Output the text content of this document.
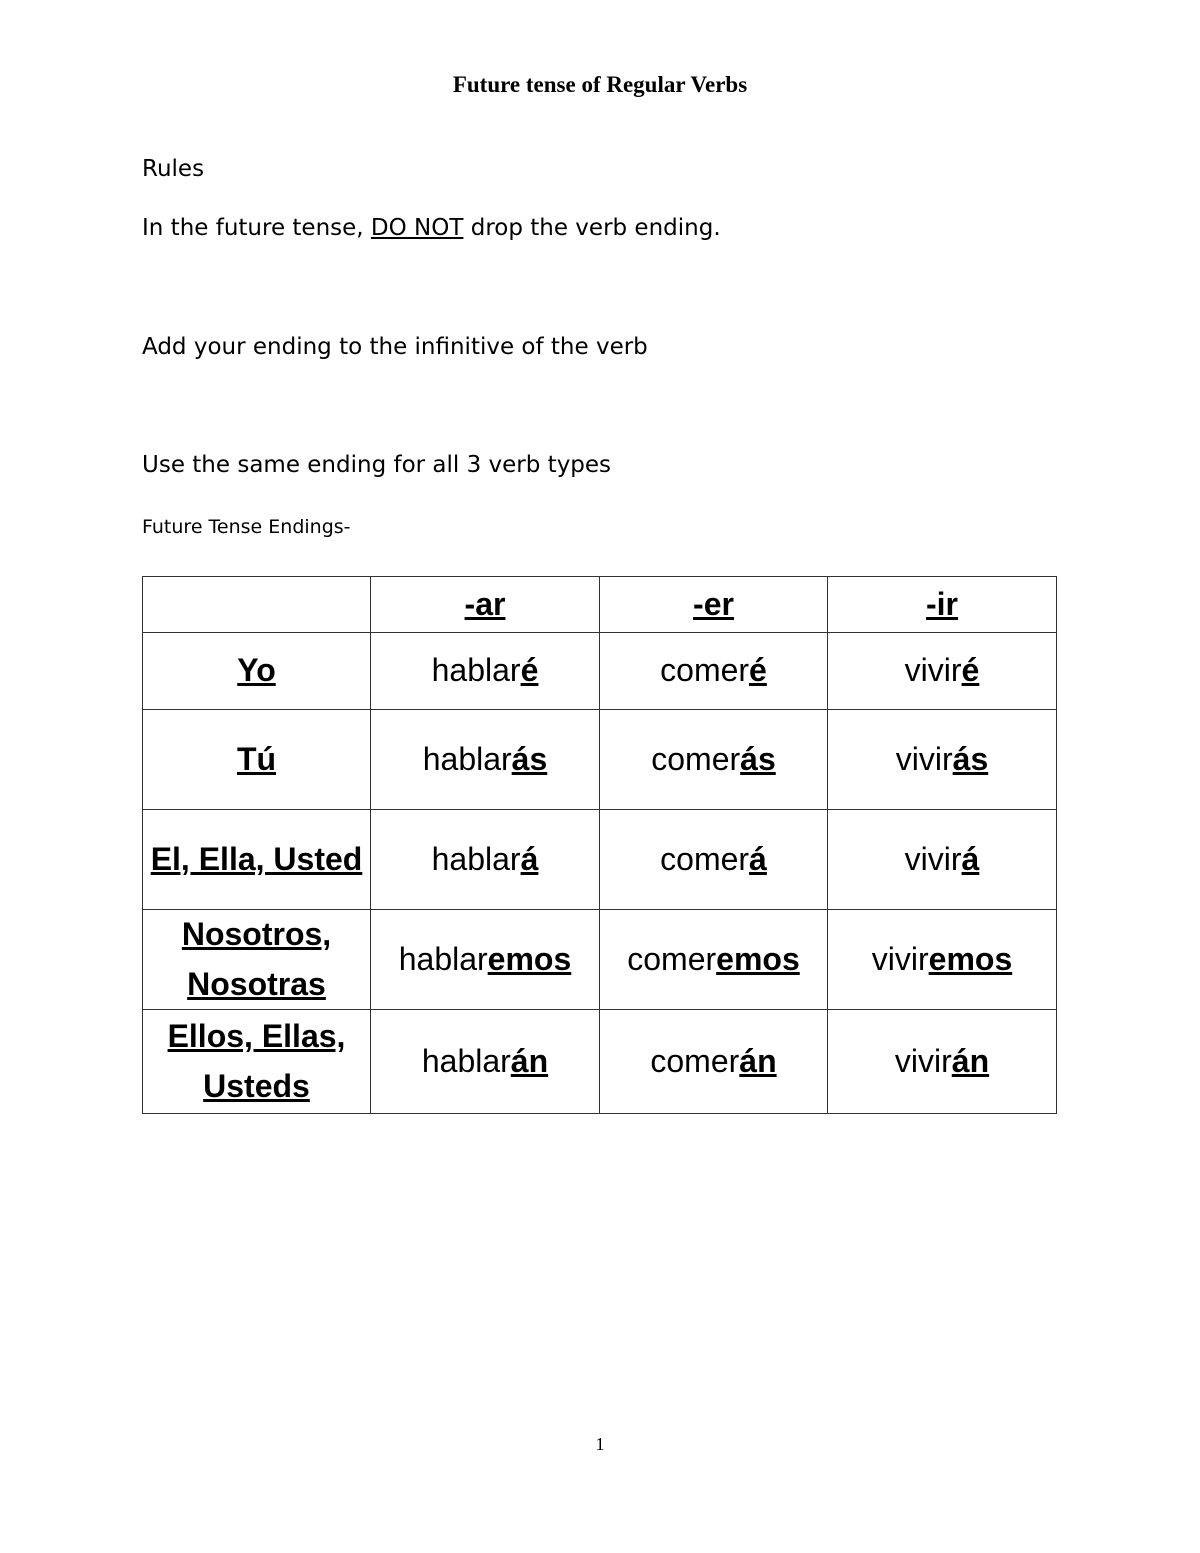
Future tense of Regular Verbs
Rules
In the future tense, DO NOT drop the verb ending.
Add your ending to the infinitive of the verb
Use the same ending for all 3 verb types
Future Tense Endings-
	-ar	-er	-ir
Yo	hablaré	comeré	viviré
Tú	hablarás	comerás	vivirás
El, Ella, Usted	hablará	comerá	vivirá
Nosotros, Nosotras	hablaremos	comeremos	viviremos
Ellos, Ellas, Usteds	hablarán	comerán	vivirán
1
